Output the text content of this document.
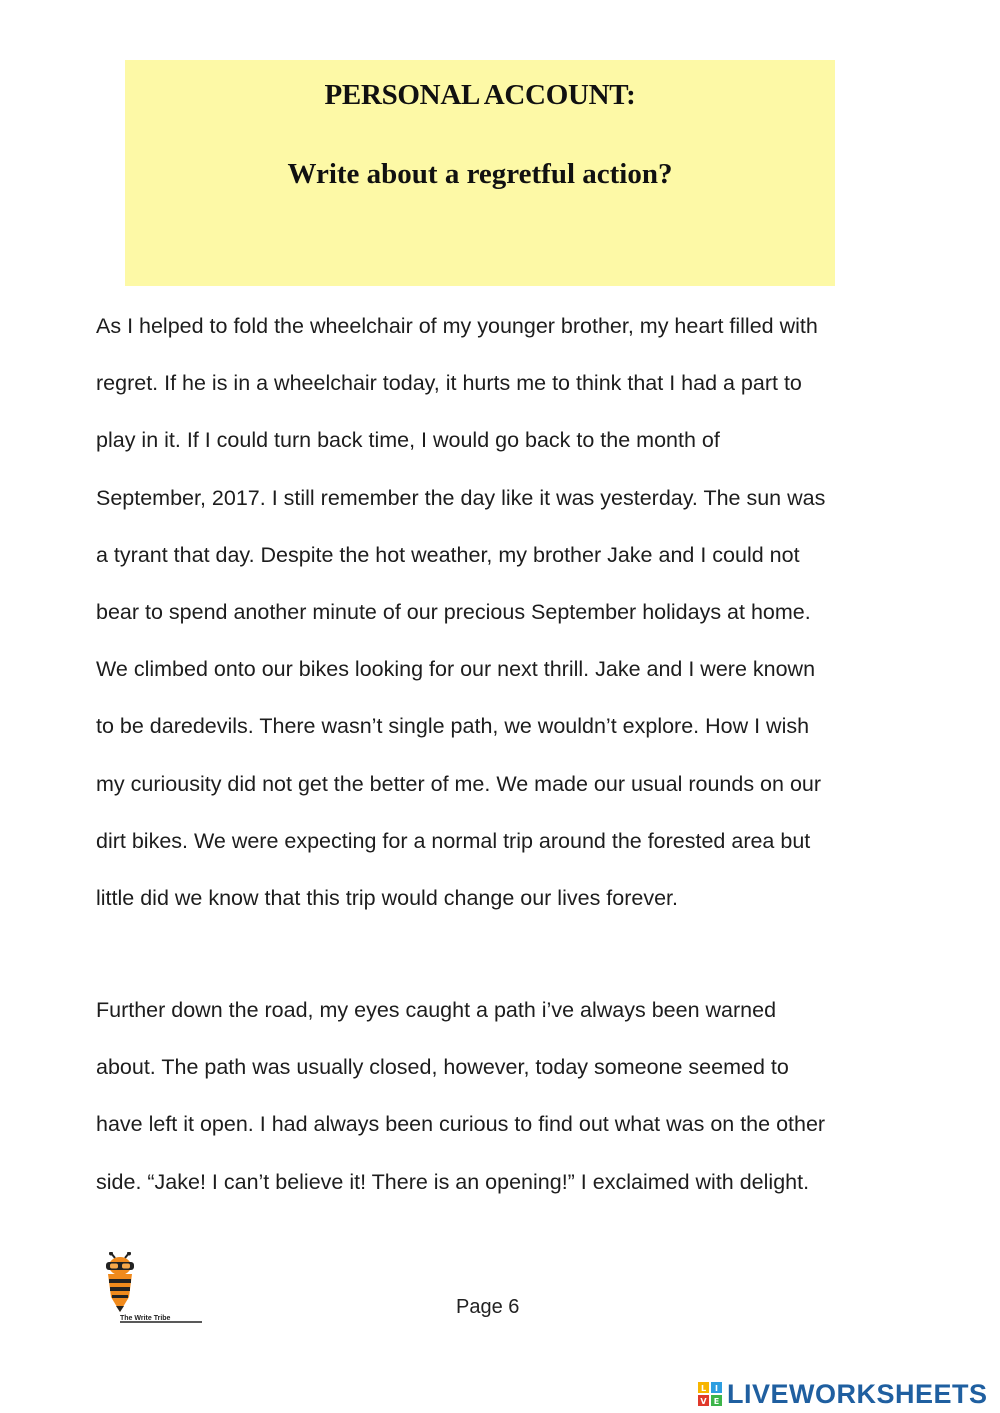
PERSONAL ACCOUNT:
Write about a regretful action?
As I helped to fold the wheelchair of my younger brother, my heart filled with
regret. If he is in a wheelchair today, it hurts me to think that I had a part to
play in it. If I could turn back time, I would go back to the month of
September, 2017. I still remember the day like it was yesterday. The sun was
a tyrant that day. Despite the hot weather, my brother Jake and I could not
bear to spend another minute of our precious September holidays at home.
We climbed onto our bikes looking for our next thrill. Jake and I were known
to be daredevils. There wasn’t single path, we wouldn’t explore. How I wish
my curiousity did not get the better of me. We made our usual rounds on our
dirt bikes. We were expecting for a normal trip around the forested area but
little did we know that this trip would change our lives forever.
Further down the road, my eyes caught a path i’ve always been warned
about. The path was usually closed, however, today someone seemed to
have left it open. I had always been curious to find out what was on the other
side. “Jake! I can’t believe it! There is an opening!” I exclaimed with delight.
The Write Tribe
Page 6
L I
V E LIVEWORKSHEETS
